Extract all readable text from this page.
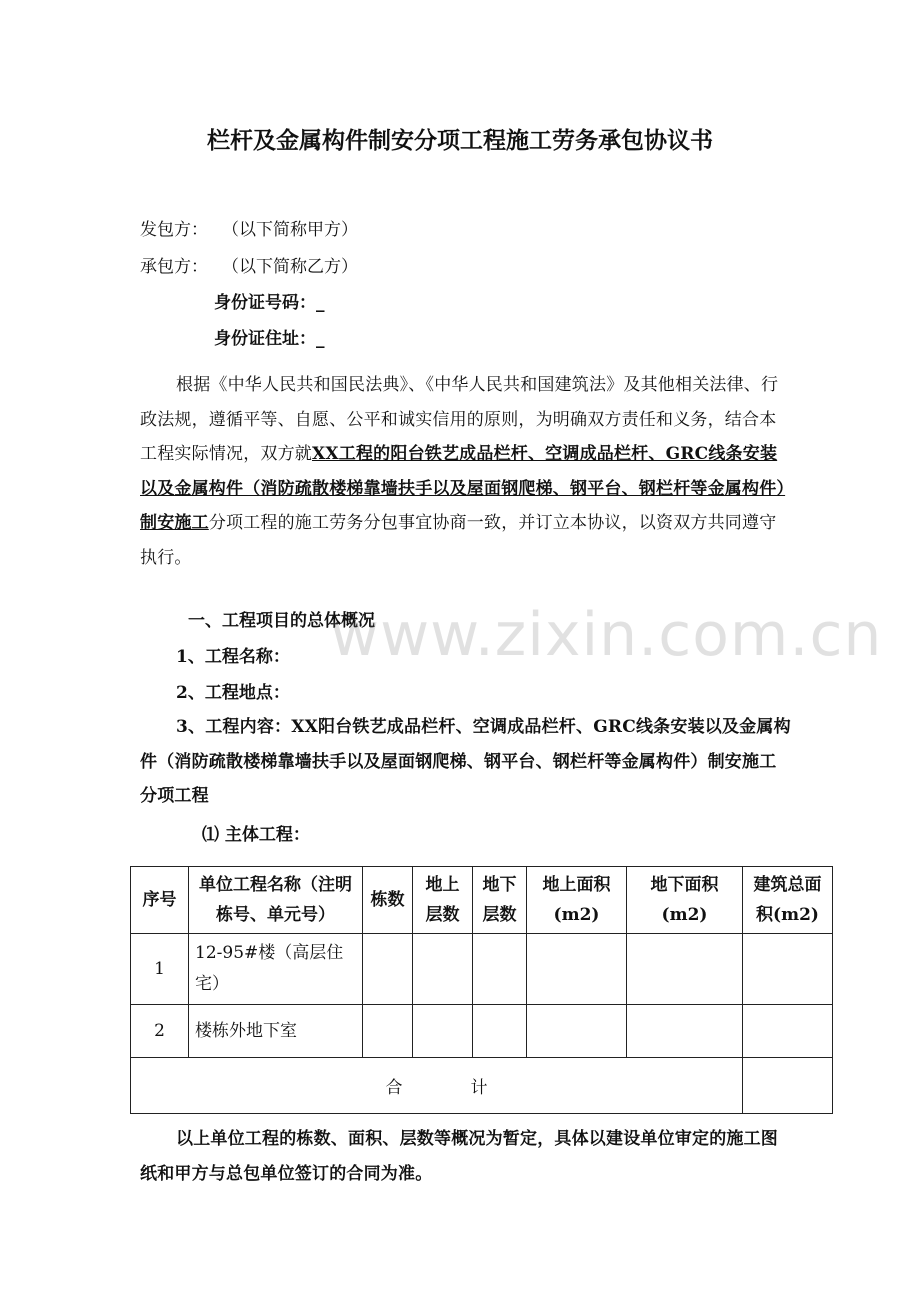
栏杆及金属构件制安分项工程施工劳务承包协议书
发包方： （以下简称甲方）
承包方： （以下简称乙方）
身份证号码：_
身份证住址：_
根据《中华人民共和国民法典》、《中华人民共和国建筑法》及其他相关法律、行政法规，遵循平等、自愿、公平和诚实信用的原则，为明确双方责任和义务，结合本工程实际情况，双方就XX工程的阳台铁艺成品栏杆、空调成品栏杆、GRC线条安装以及金属构件（消防疏散楼梯靠墙扶手以及屋面钢爬梯、钢平台、钢栏杆等金属构件）制安施工分项工程的施工劳务分包事宜协商一致，并订立本协议，以资双方共同遵守执行。
一、工程项目的总体概况
1、工程名称：
2、工程地点：
3、工程内容：XX阳台铁艺成品栏杆、空调成品栏杆、GRC线条安装以及金属构件（消防疏散楼梯靠墙扶手以及屋面钢爬梯、钢平台、钢栏杆等金属构件）制安施工分项工程
⑴ 主体工程：
序号	单位工程名称（注明栋号、单元号）	栋数	地上层数	地下层数	地上面积(m2)	地下面积(m2)	建筑总面积(m2)
1	12-95#楼（高层住宅）						
2	楼栋外地下室						
合　　　　计							
以上单位工程的栋数、面积、层数等概况为暂定，具体以建设单位审定的施工图纸和甲方与总包单位签订的合同为准。
www.zixin.com.cn
